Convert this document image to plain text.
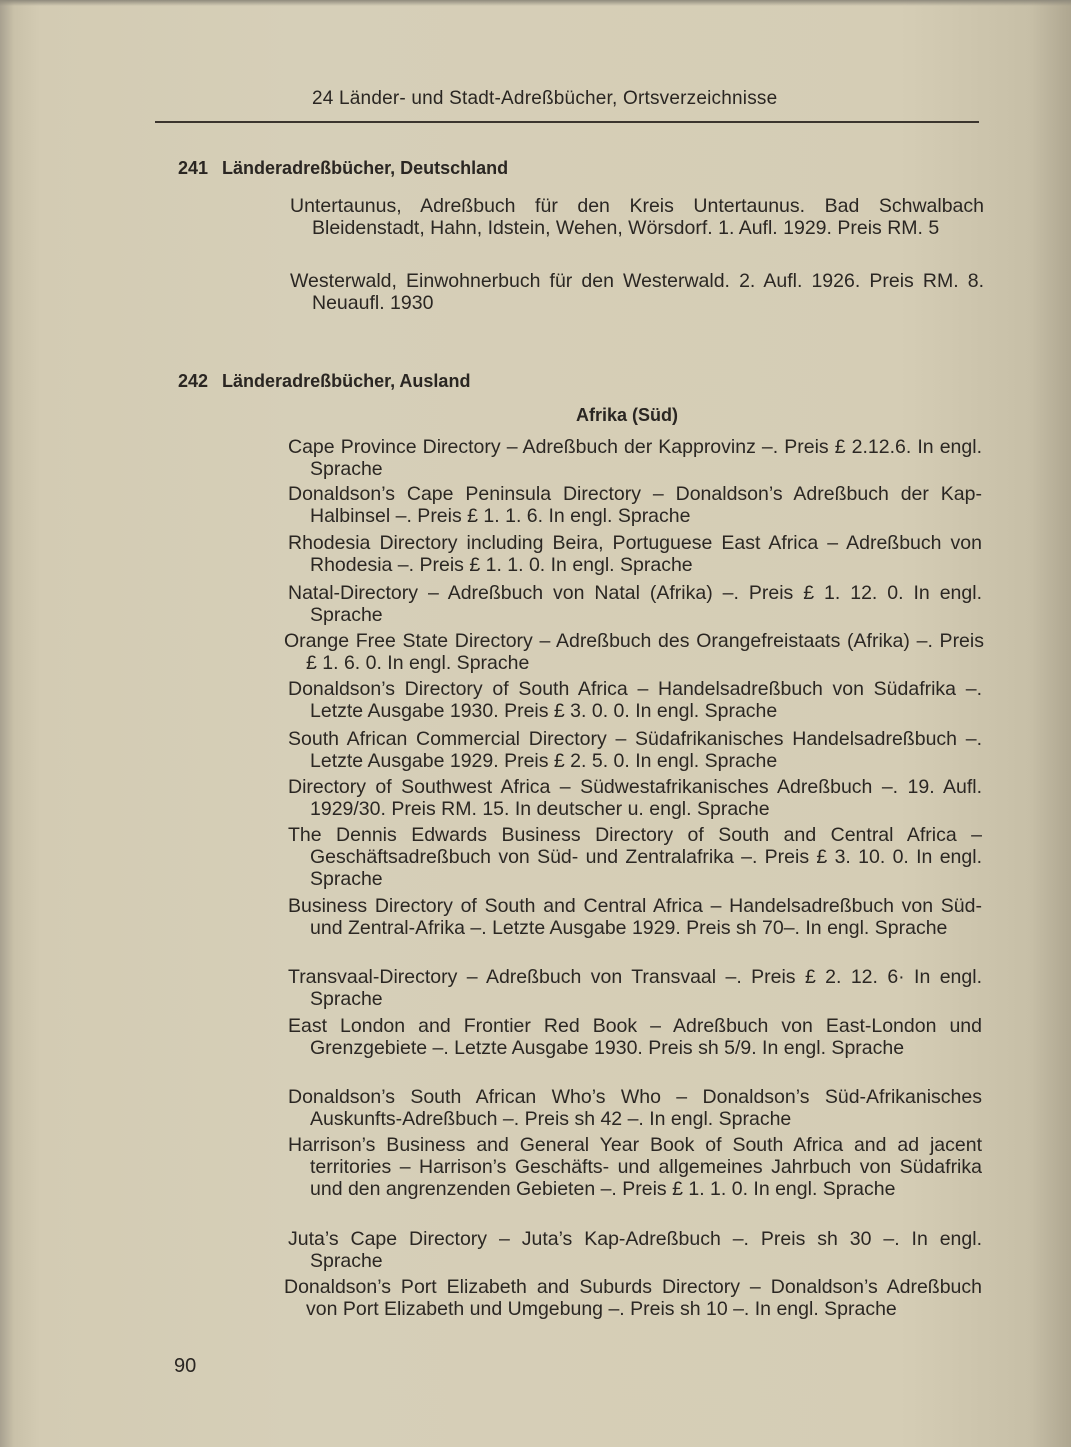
24 Länder- und Stadt-Adreßbücher, Ortsverzeichnisse
241 Länderadreßbücher, Deutschland
Untertaunus, Adreßbuch für den Kreis Untertaunus. Bad Schwalbach Bleidenstadt, Hahn, Idstein, Wehen, Wörsdorf. 1. Aufl. 1929. Preis RM. 5
Westerwald, Einwohnerbuch für den Westerwald. 2. Aufl. 1926. Preis RM. 8. Neuaufl. 1930
242 Länderadreßbücher, Ausland
Afrika (Süd)
Cape Province Directory – Adreßbuch der Kapprovinz –. Preis £ 2.12.6. In engl. Sprache
Donaldson’s Cape Peninsula Directory – Donaldson’s Adreßbuch der Kap-Halbinsel –. Preis £ 1. 1. 6. In engl. Sprache
Rhodesia Directory including Beira, Portuguese East Africa – Adreßbuch von Rhodesia –. Preis £ 1. 1. 0. In engl. Sprache
Natal-Directory – Adreßbuch von Natal (Afrika) –. Preis £ 1. 12. 0. In engl. Sprache
Orange Free State Directory – Adreßbuch des Orangefreistaats (Afrika) –. Preis £ 1. 6. 0. In engl. Sprache
Donaldson’s Directory of South Africa – Handelsadreßbuch von Südafrika –. Letzte Ausgabe 1930. Preis £ 3. 0. 0. In engl. Sprache
South African Commercial Directory – Südafrikanisches Handelsadreßbuch –. Letzte Ausgabe 1929. Preis £ 2. 5. 0. In engl. Sprache
Directory of Southwest Africa – Südwestafrikanisches Adreßbuch –. 19. Aufl. 1929/30. Preis RM. 15. In deutscher u. engl. Sprache
The Dennis Edwards Business Directory of South and Central Africa – Geschäftsadreßbuch von Süd- und Zentralafrika –. Preis £ 3. 10. 0. In engl. Sprache
Business Directory of South and Central Africa – Handelsadreßbuch von Süd- und Zentral-Afrika –. Letzte Ausgabe 1929. Preis sh 70–. In engl. Sprache
Transvaal-Directory – Adreßbuch von Transvaal –. Preis £ 2. 12. 6· In engl. Sprache
East London and Frontier Red Book – Adreßbuch von East-London und Grenzgebiete –. Letzte Ausgabe 1930. Preis sh 5/9. In engl. Sprache
Donaldson’s South African Who’s Who – Donaldson’s Süd-Afrikanisches Auskunfts-Adreßbuch –. Preis sh 42 –. In engl. Sprache
Harrison’s Business and General Year Book of South Africa and ad jacent territories – Harrison’s Geschäfts- und allgemeines Jahrbuch von Südafrika und den angrenzenden Gebieten –. Preis £ 1. 1. 0. In engl. Sprache
Juta’s Cape Directory – Juta’s Kap-Adreßbuch –. Preis sh 30 –. In engl. Sprache
Donaldson’s Port Elizabeth and Suburds Directory – Donaldson’s Adreßbuch von Port Elizabeth und Umgebung –. Preis sh 10 –. In engl. Sprache
90
